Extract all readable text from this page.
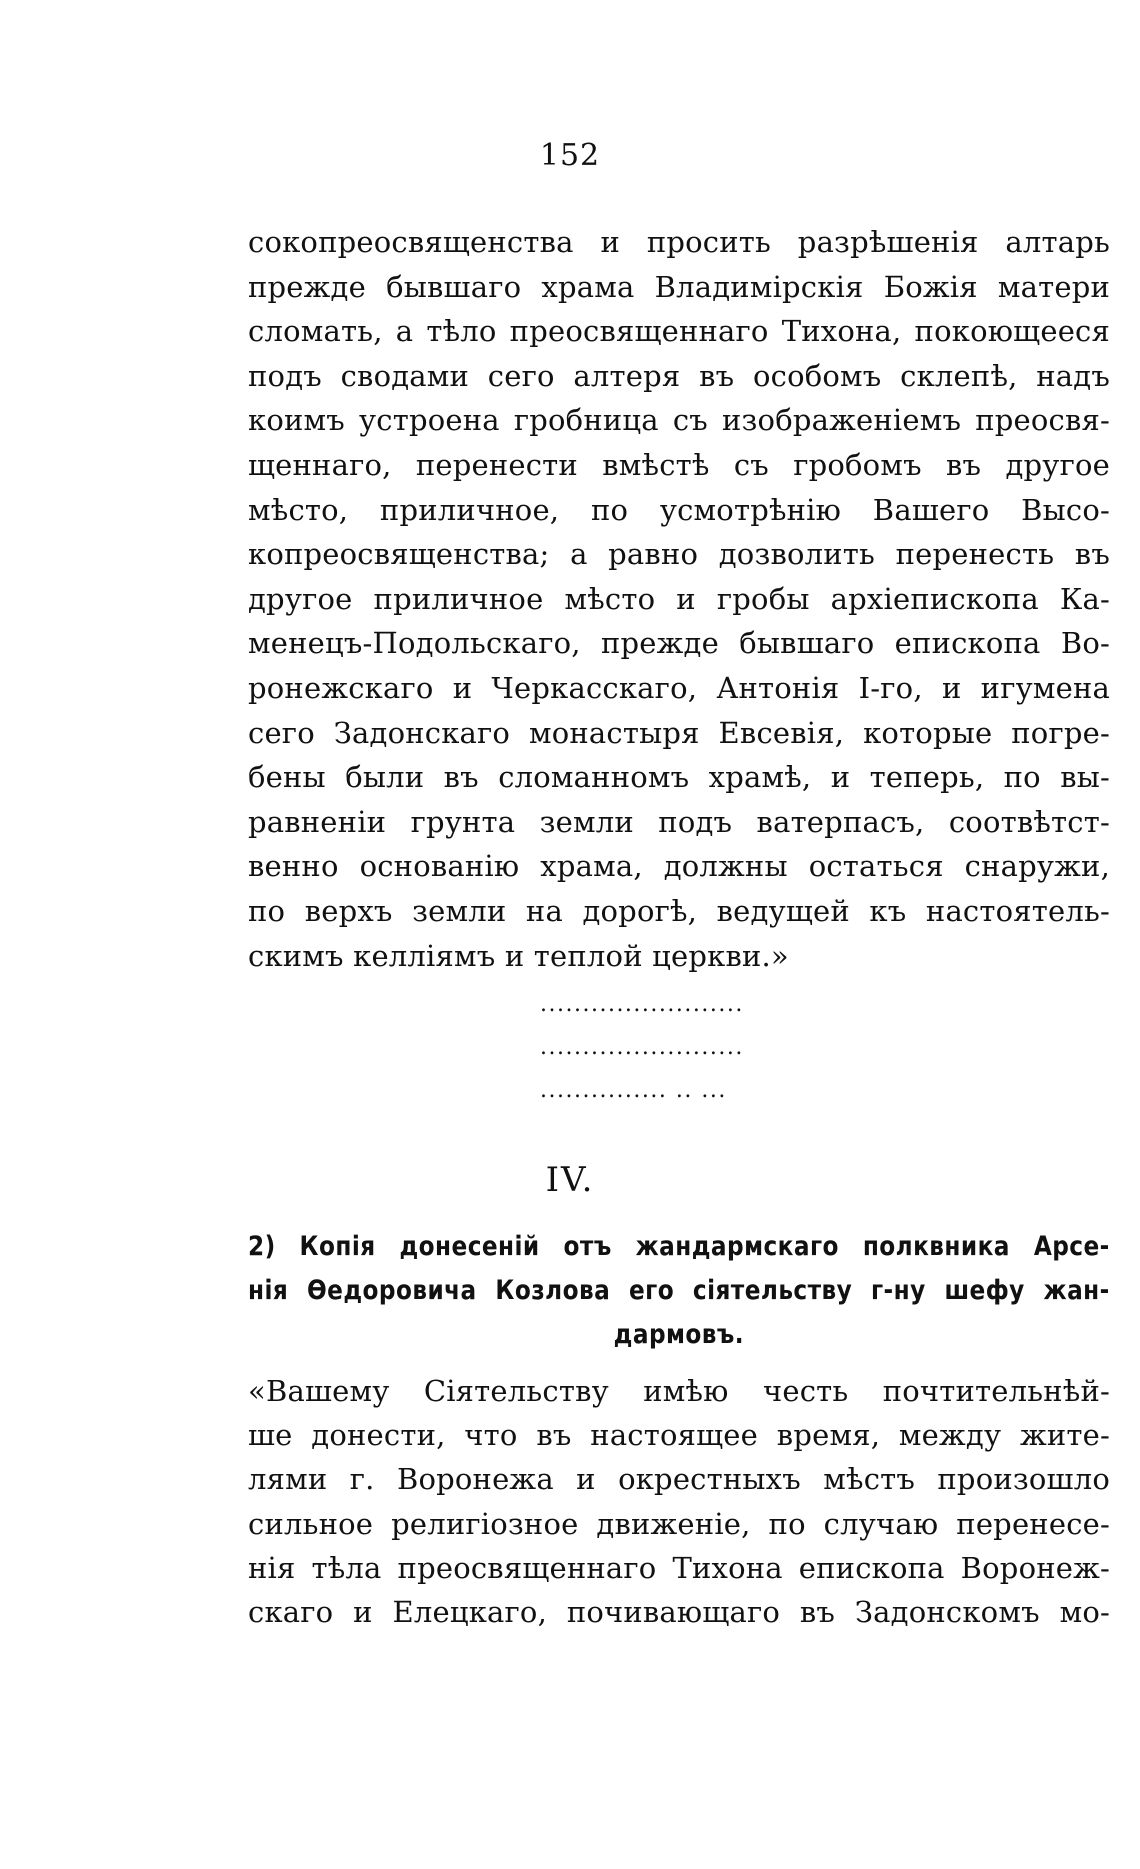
152
сокопреосвященства и просить разрѣшенія алтарь
прежде бывшаго храма Владимірскія Божія матери
сломать, а тѣло преосвященнаго Тихона, покоющееся
подъ сводами сего алтеря въ особомъ склепѣ, надъ
коимъ устроена гробница съ изображеніемъ преосвя-
щеннаго, перенести вмѣстѣ съ гробомъ въ другое
мѣсто, приличное, по усмотрѣнію Вашего Высо-
копреосвященства; а равно дозволить перенесть въ
другое приличное мѣсто и гробы архіепископа Ка-
менецъ-Подольскаго, прежде бывшаго епископа Во-
ронежскаго и Черкасскаго, Антонія І-го, и игумена
сего Задонскаго монастыря Евсевія, которые погре-
бены были въ сломанномъ храмѣ, и теперь, по вы-
равненіи грунта земли подъ ватерпасъ, соотвѣтст-
венно основанію храма, должны остаться снаружи,
по верхъ земли на дорогѣ, ведущей къ настоятель-
скимъ келліямъ и теплой церкви.»
........................
........................
............... .. ...
IV.
2) Копія донесеній отъ жандармскаго полквника Арсе-
нія Ѳедоровича Козлова его сіятельству г-ну шефу жан-
дармовъ.
«Вашему Сіятельству имѣю честь почтительнѣй-
ше донести, что въ настоящее время, между жите-
лями г. Воронежа и окрестныхъ мѣстъ произошло
сильное религіозное движеніе, по случаю перенесе-
нія тѣла преосвященнаго Тихона епископа Воронеж-
скаго и Елецкаго, почивающаго въ Задонскомъ мо-
